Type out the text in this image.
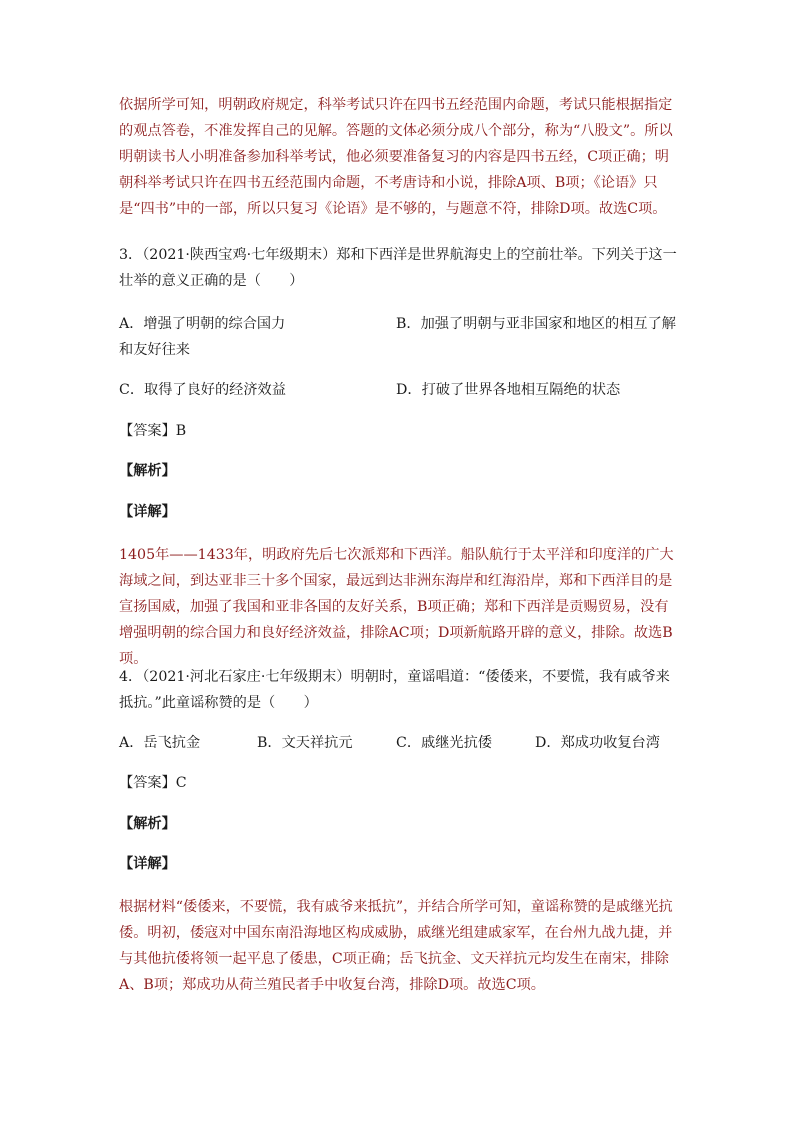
依据所学可知，明朝政府规定，科举考试只许在四书五经范围内命题，考试只能根据指定的观点答卷，不准发挥自己的见解。答题的文体必须分成八个部分，称为“八股文”。所以明朝读书人小明准备参加科举考试，他必须要准备复习的内容是四书五经，C项正确；明朝科举考试只许在四书五经范围内命题，不考唐诗和小说，排除A项、B项；《论语》只是“四书”中的一部，所以只复习《论语》是不够的，与题意不符，排除D项。故选C项。

3．（2021·陕西宝鸡·七年级期末）郑和下西洋是世界航海史上的空前壮举。下列关于这一壮举的意义正确的是（　　）

A．增强了明朝的综合国力	B．加强了明朝与亚非国家和地区的相互了解

和友好往来

C．取得了良好的经济效益	D．打破了世界各地相互隔绝的状态

【答案】B

【解析】

【详解】

1405年——1433年，明政府先后七次派郑和下西洋。船队航行于太平洋和印度洋的广大海域之间，到达亚非三十多个国家，最远到达非洲东海岸和红海沿岸，郑和下西洋目的是宣扬国威，加强了我国和亚非各国的友好关系，B项正确；郑和下西洋是贡赐贸易，没有增强明朝的综合国力和良好经济效益，排除AC项；D项新航路开辟的意义，排除。故选B项。

4．（2021·河北石家庄·七年级期末）明朝时，童谣唱道：“倭倭来，不要慌，我有戚爷来抵抗。”此童谣称赞的是（　　）

A．岳飞抗金	B．文天祥抗元	C．戚继光抗倭	D．郑成功收复台湾

【答案】C

【解析】

【详解】

根据材料“倭倭来，不要慌，我有戚爷来抵抗”，并结合所学可知，童谣称赞的是戚继光抗倭。明初，倭寇对中国东南沿海地区构成威胁，戚继光组建戚家军，在台州九战九捷，并与其他抗倭将领一起平息了倭患，C项正确；岳飞抗金、文天祥抗元均发生在南宋，排除A、B项；郑成功从荷兰殖民者手中收复台湾，排除D项。故选C项。
